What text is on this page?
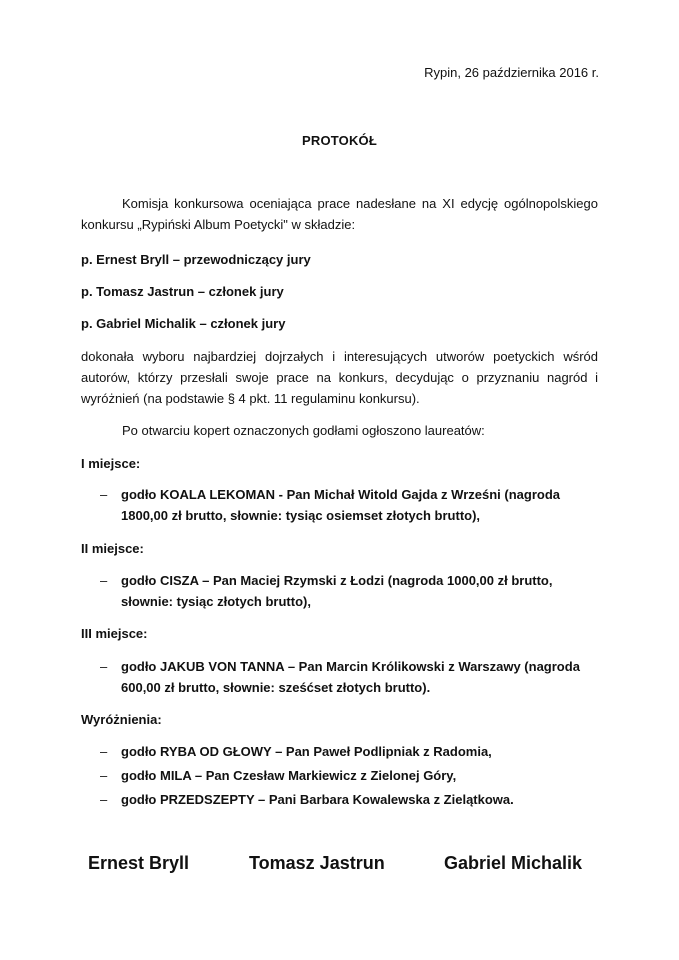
Rypin, 26 października 2016 r.

PROTOKÓŁ

Komisja konkursowa oceniająca prace nadesłane na XI edycję ogólnopolskiego konkursu „Rypiński Album Poetycki" w składzie:

p. Ernest Bryll – przewodniczący jury

p. Tomasz Jastrun – członek jury

p. Gabriel Michalik – członek jury

dokonała wyboru najbardziej dojrzałych i interesujących utworów poetyckich wśród autorów, którzy przesłali swoje prace na konkurs, decydując o przyznaniu nagród i wyróżnień (na podstawie § 4 pkt. 11 regulaminu konkursu).

Po otwarciu kopert oznaczonych godłami ogłoszono laureatów:

I miejsce:

– godło KOALA LEKOMAN - Pan Michał Witold Gajda z Wrześni (nagroda 1800,00 zł brutto, słownie: tysiąc osiemset złotych brutto),

II miejsce:

– godło CISZA – Pan Maciej Rzymski z Łodzi (nagroda 1000,00 zł brutto, słownie: tysiąc złotych brutto),

III miejsce:

– godło JAKUB VON TANNA – Pan Marcin Królikowski z Warszawy (nagroda 600,00 zł brutto, słownie: sześćset złotych brutto).

Wyróżnienia:

– godło RYBA OD GŁOWY – Pan Paweł Podlipniak z Radomia,
– godło MILA – Pan Czesław Markiewicz z Zielonej Góry,
– godło PRZEDSZEPTY – Pani Barbara Kowalewska z Zielątkowa.

Ernest Bryll	Tomasz Jastrun	Gabriel Michalik
